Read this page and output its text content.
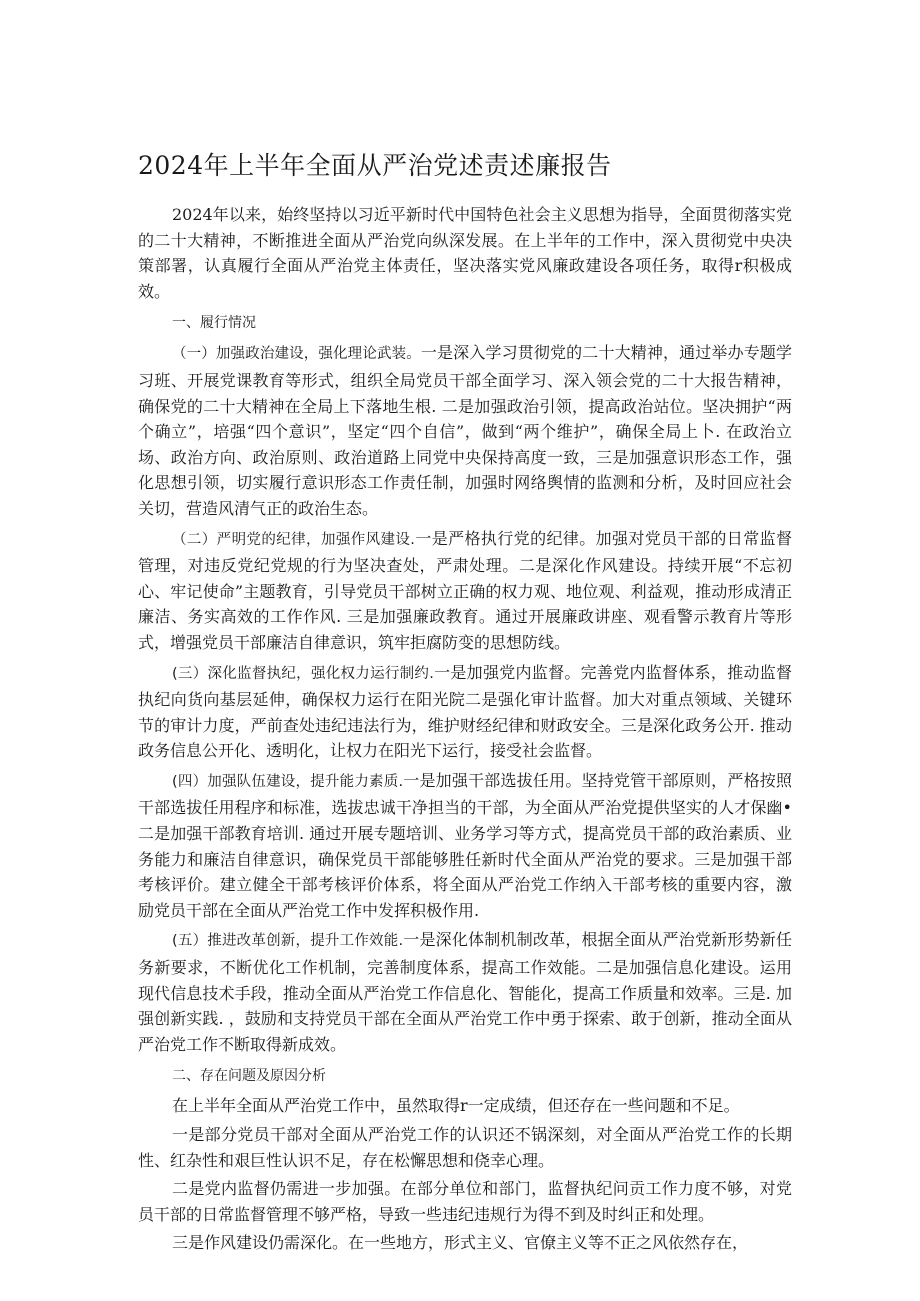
2024年上半年全面从严治党述责述廉报告

2024年以来，始终坚持以习近平新时代中国特色社会主义思想为指导，全面贯彻落实党的二十大精神，不断推进全面从严治党向纵深发展。在上半年的工作中，深入贯彻党中央决策部署，认真履行全面从严治党主体责任，坚决落实党风廉政建设各项任务，取得r积极成效。

一、履行情况

（一）加强政治建设，强化理论武装。一是深入学习贯彻党的二十大精神，通过举办专题学习班、开展党课教育等形式，组织全局党员干部全面学习、深入领会党的二十大报告精神，确保党的二十大精神在全局上下落地生根. 二是加强政治引领，提高政治站位。坚决拥护“两个确立”，培强“四个意识”，坚定“四个自信”，做到“两个维护”，确保全局上卜. 在政治立场、政治方向、政治原则、政治道路上同党中央保持高度一致，三是加强意识形态工作，强化思想引领，切实履行意识形态工作责任制，加强时网络舆情的监测和分析，及时回应社会关切，营造风清气正的政治生态。

（二）严明党的纪律，加强作风建设.一是严格执行党的纪律。加强对党员干部的日常监督管理，对违反党纪党规的行为坚决查处，严肃处理。二是深化作风建设。持续开展“不忘初心、牢记使命”主题教育，引导党员干部树立正确的权力观、地位观、利益观，推动形成清正廉洁、务实高效的工作作风. 三是加强廉政教育。通过开展廉政讲座、观看警示教育片等形式，增强党员干部廉洁自律意识，筑牢拒腐防变的思想防线。

(三）深化监督执纪，强化权力运行制约.一是加强党内监督。完善党内监督体系，推动监督执纪向货向基层延伸，确保权力运行在阳光院二是强化审计监督。加大对重点领域、关键环节的审计力度，严前查处违纪违法行为，维护财经纪律和财政安全。三是深化政务公开. 推动政务信息公开化、透明化，让权力在阳光下运行，接受社会监督。

(四）加强队伍建设，提升能力素质.一是加强干部选拔任用。坚持党管干部原则，严格按照干部选拔任用程序和标准，选拔忠诚干净担当的干部，为全面从严治党提供坚实的人才保幽•二是加强干部教育培训. 通过开展专题培训、业务学习等方式，提高党员干部的政治素质、业务能力和廉洁自律意识，确保党员干部能够胜任新时代全面从严治党的要求。三是加强干部考核评价。建立健全干部考核评价体系，将全面从严治党工作纳入干部考核的重要内容，激励党员干部在全面从严治党工作中发挥积极作用.

(五）推进改革创新，提升工作效能.一是深化体制机制改革，根据全面从严治党新形势新任务新要求，不断优化工作机制，完善制度体系，提高工作效能。二是加强信息化建设。运用现代信息技术手段，推动全面从严治党工作信息化、智能化，提高工作质量和效率。三是. 加强创新实践. ，鼓励和支持党员干部在全面从严治党工作中勇于探索、敢于创新，推动全面从严治党工作不断取得新成效。

二、存在问题及原因分析

在上半年全面从严治党工作中，虽然取得r一定成绩，但还存在一些问题和不足。

一是部分党员干部对全面从严治党工作的认识还不锅深刻，对全面从严治党工作的长期性、红杂性和艰巨性认识不足，存在松懈思想和侥幸心理。

二是党内监督仍需进一步加强。在部分单位和部门，监督执纪问贡工作力度不够，对党员干部的日常监督管理不够严格，导致一些违纪违规行为得不到及时纠正和处理。

三是作风建设仍需深化。在一些地方，形式主义、官僚主义等不正之风依然存在，
